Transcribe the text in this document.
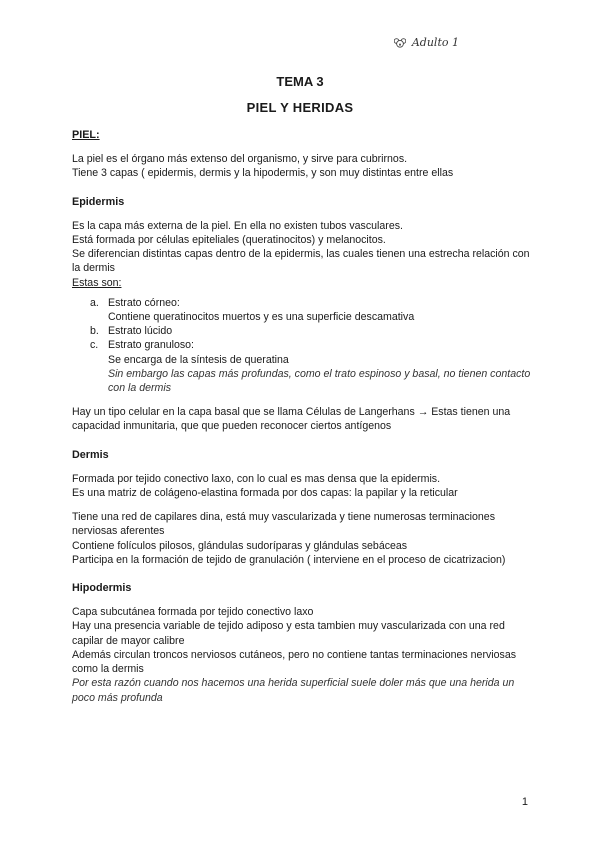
Adulto 1
TEMA 3
PIEL Y HERIDAS

PIEL:

La piel es el órgano más extenso del organismo, y sirve para cubrirnos.

Tiene 3 capas ( epidermis, dermis y la hipodermis, y son muy distintas entre ellas

Epidermis

Es la capa más externa de la piel. En ella no existen tubos vasculares.

Está formada por células epiteliales (queratinocitos) y melanocitos.

Se diferencian distintas capas dentro de la epidermis, las cuales tienen una estrecha relación con la dermis

Estas son:

a. Estrato córneo:
Contiene queratinocitos muertos y es una superficie descamativa
b. Estrato lúcido
c. Estrato granuloso:
Se encarga de la síntesis de queratina
Sin embargo las capas más profundas, como el trato espinoso y basal, no tienen contacto con la dermis

Hay un tipo celular en la capa basal que se llama Células de Langerhans → Estas tienen una capacidad inmunitaria, que que pueden reconocer ciertos antígenos

Dermis

Formada por tejido conectivo laxo, con lo cual es mas densa que la epidermis.

Es una matriz de colágeno-elastina formada por dos capas: la papilar y la reticular

Tiene una red de capilares dina, está muy vascularizada y tiene numerosas terminaciones nerviosas aferentes

Contiene folículos pilosos, glándulas sudoríparas y glándulas sebáceas

Participa en la formación de tejido de granulación ( interviene en el proceso de cicatrizacion)

Hipodermis

Capa subcutánea formada por tejido conectivo laxo

Hay una presencia variable de tejido adiposo y esta tambien muy vascularizada con una red capilar de mayor calibre

Además circulan troncos nerviosos cutáneos, pero no contiene tantas terminaciones nerviosas como la dermis

Por esta razón cuando nos hacemos una herida superficial suele doler más que una herida un poco más profunda

1
